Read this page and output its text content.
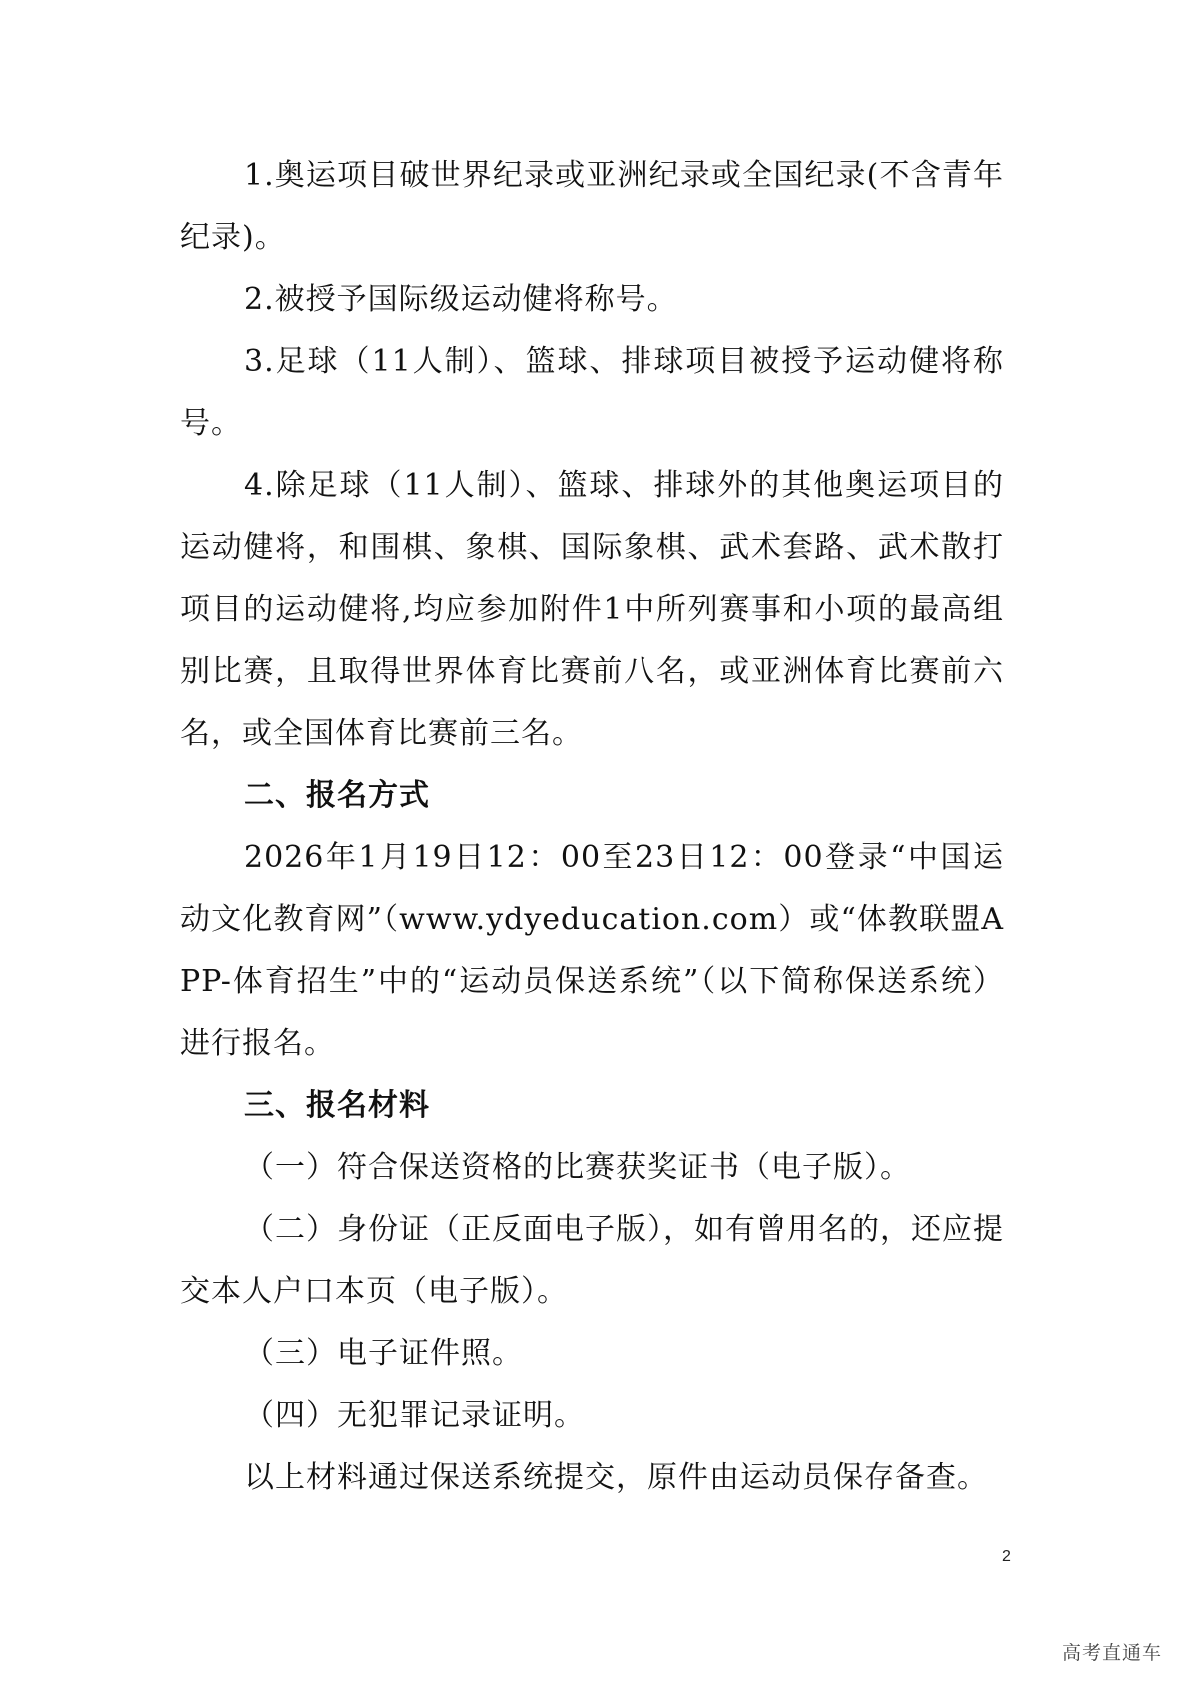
1.奥运项目破世界纪录或亚洲纪录或全国纪录(不含青年纪录)。

2.被授予国际级运动健将称号。

3.足球（11人制）、篮球、排球项目被授予运动健将称号。

4.除足球（11人制）、篮球、排球外的其他奥运项目的运动健将，和围棋、象棋、国际象棋、武术套路、武术散打项目的运动健将,均应参加附件1中所列赛事和小项的最高组别比赛，且取得世界体育比赛前八名，或亚洲体育比赛前六名，或全国体育比赛前三名。

二、报名方式

2026年1月19日12：00至23日12：00登录“中国运动文化教育网”（www.ydyeducation.com）或“体教联盟APP-体育招生”中的“运动员保送系统”（以下简称保送系统）进行报名。

三、报名材料

（一）符合保送资格的比赛获奖证书（电子版）。

（二）身份证（正反面电子版），如有曾用名的，还应提交本人户口本页（电子版）。

（三）电子证件照。

（四）无犯罪记录证明。

以上材料通过保送系统提交，原件由运动员保存备查。

2
高考直通车
